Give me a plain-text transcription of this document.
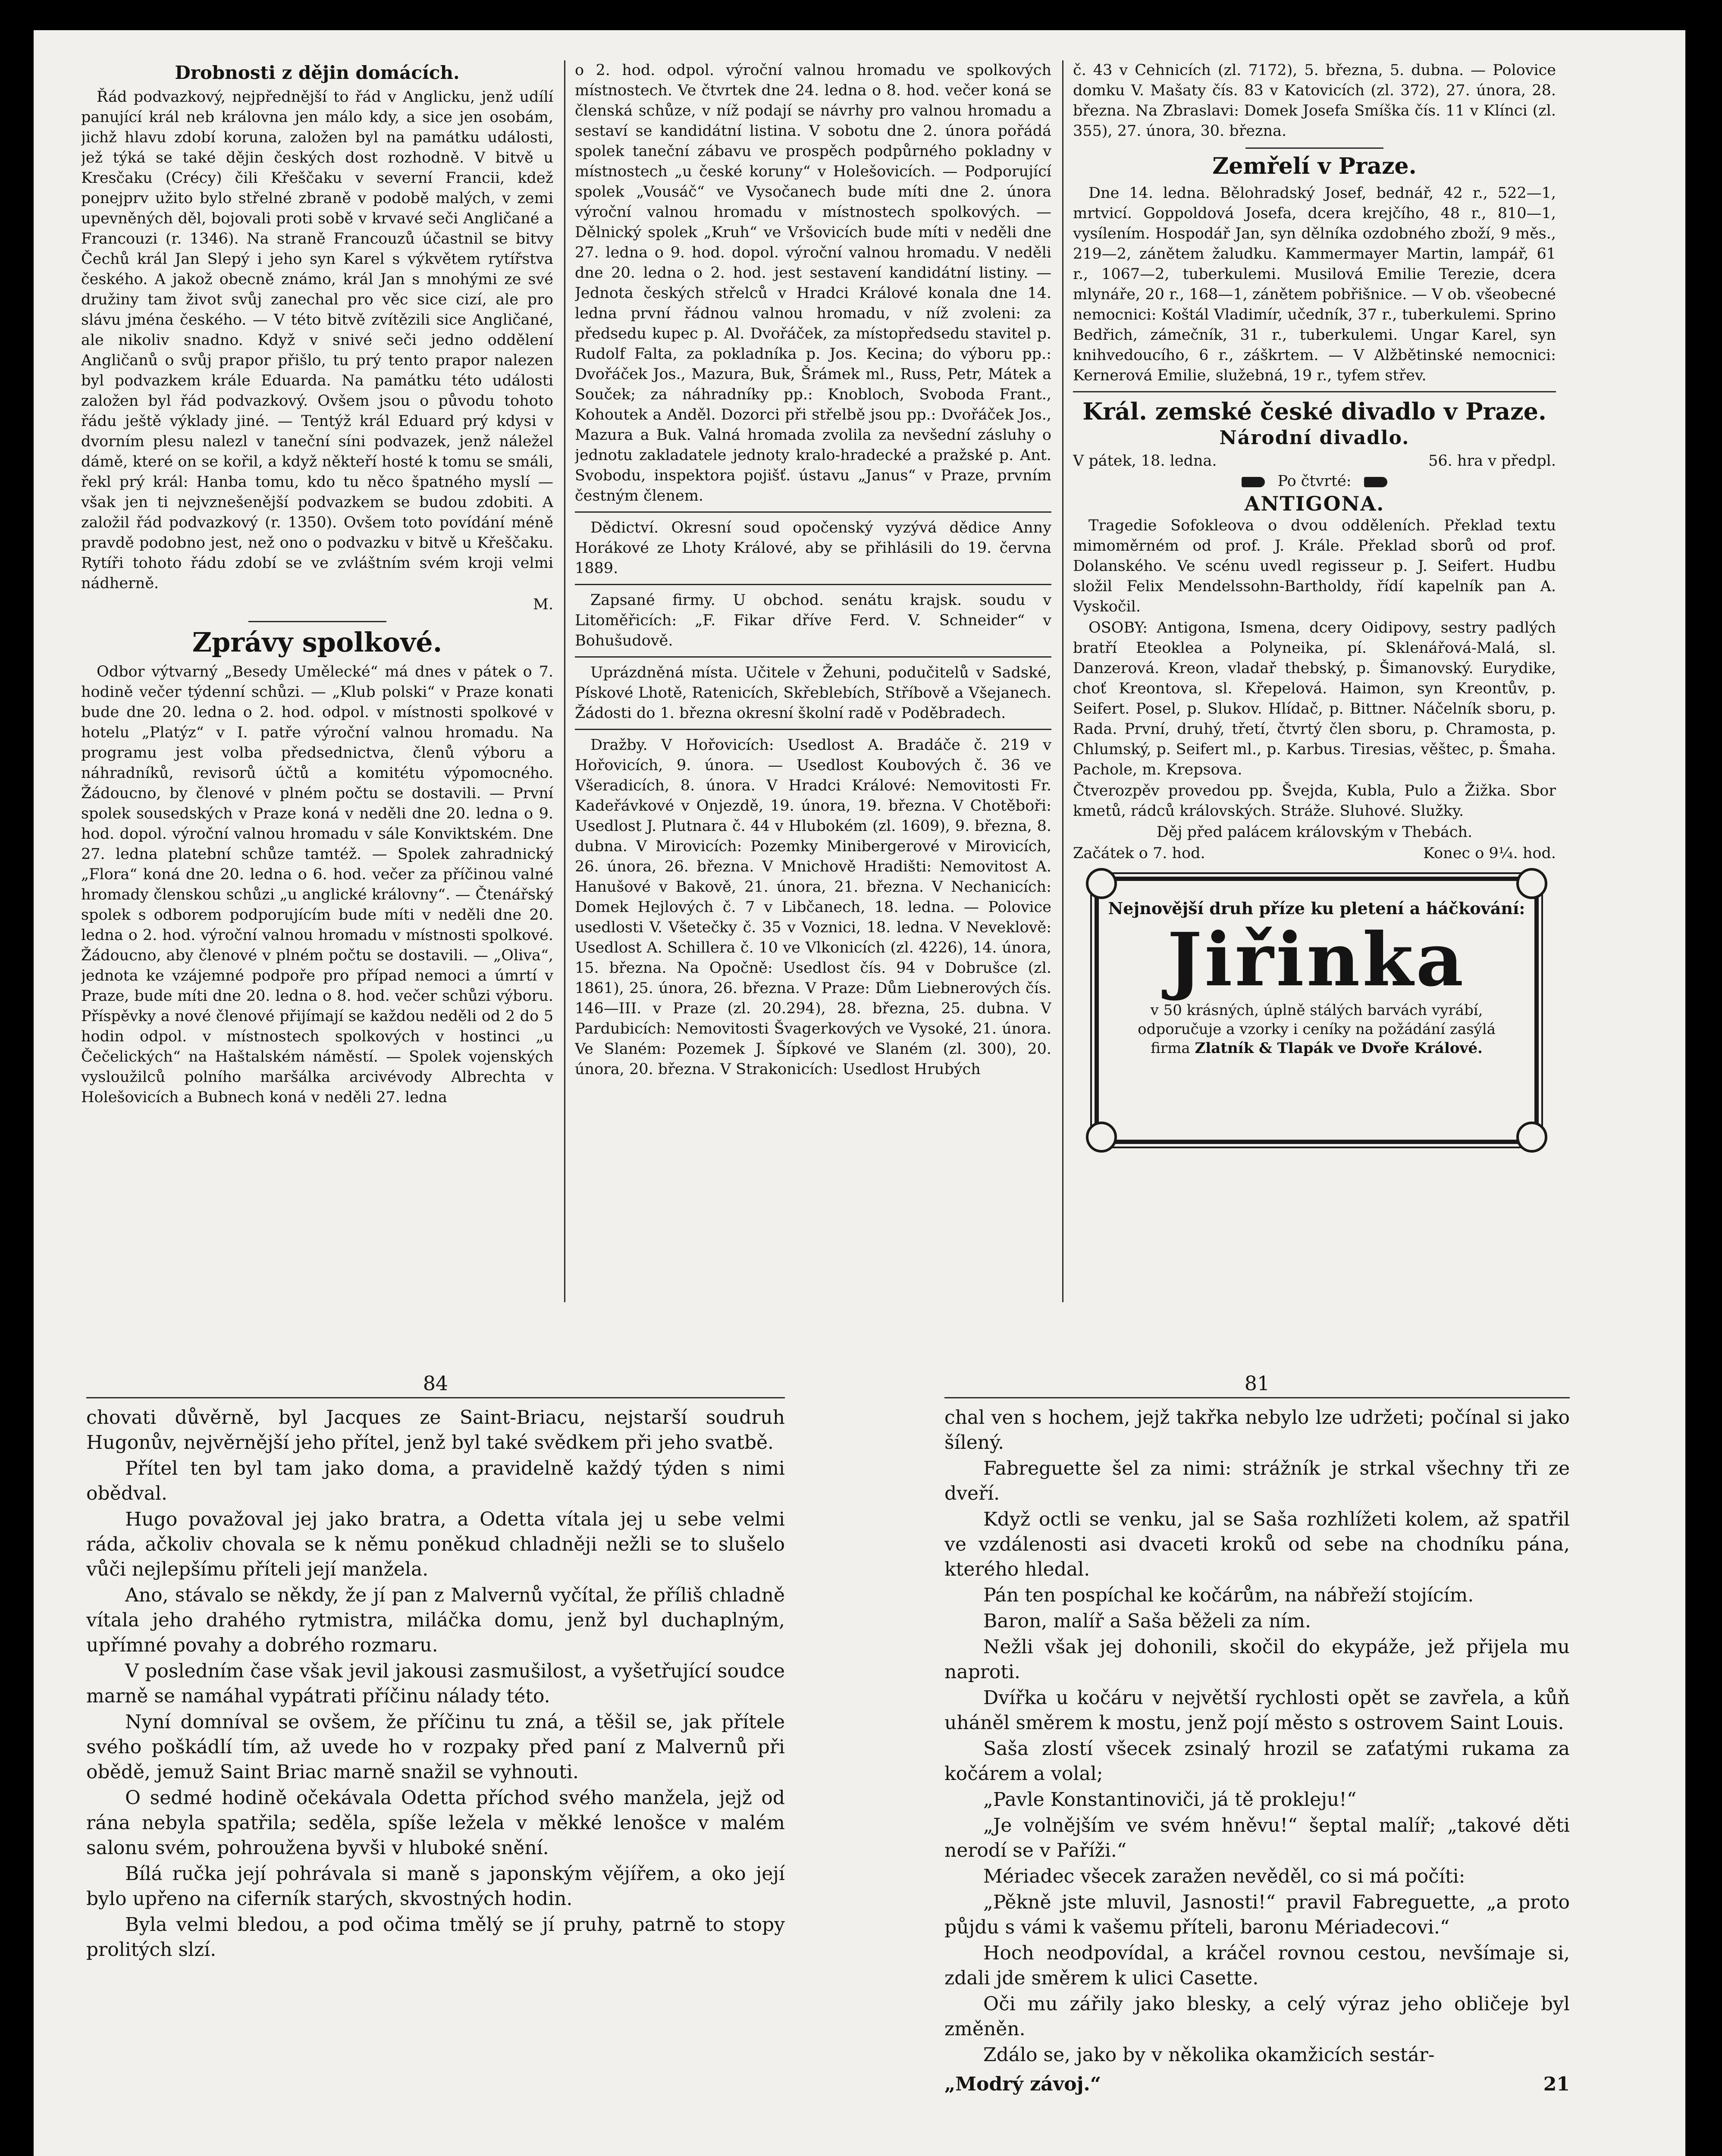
Drobnosti z dějin domácích.

Řád podvazkový, nejpřednější to řád v Anglicku, jenž udílí panující král neb královna jen málo kdy, a sice jen osobám, jichž hlavu zdobí koruna, založen byl na památku události, jež týká se také dějin českých dost rozhodně. V bitvě u Kresčaku (Crécy) čili Křeščaku v severní Francii, kdež ponejprv užito bylo střelné zbraně v podobě malých, v zemi upevněných děl, bojovali proti sobě v krvavé seči Angličané a Francouzi (r. 1346). Na straně Francouzů účastnil se bitvy Čechů král Jan Slepý i jeho syn Karel s výkvětem rytířstva českého. A jakož obecně známo, král Jan s mnohými ze své družiny tam život svůj zanechal pro věc sice cizí, ale pro slávu jména českého. — V této bitvě zvítězili sice Angličané, ale nikoliv snadno. Když v snivé seči jedno oddělení Angličanů o svůj prapor přišlo, tu prý tento prapor nalezen byl podvazkem krále Eduarda. Na památku této události založen byl řád podvazkový. Ovšem jsou o původu tohoto řádu ještě výklady jiné. — Tentýž král Eduard prý kdysi v dvorním plesu nalezl v taneční síni podvazek, jenž náležel dámě, které on se kořil, a když někteří hosté k tomu se smáli, řekl prý král: Hanba tomu, kdo tu něco špatného myslí — však jen ti nejvznešenější podvazkem se budou zdobiti. A založil řád podvazkový (r. 1350). Ovšem toto povídání méně pravdě podobno jest, než ono o podvazku v bitvě u Křeščaku. Rytíři tohoto řádu zdobí se ve zvláštním svém kroji velmi nádherně.

M.

Zprávy spolkové.

Odbor výtvarný „Besedy Umělecké“ má dnes v pátek o 7. hodině večer týdenní schůzi. — „Klub polski“ v Praze konati bude dne 20. ledna o 2. hod. odpol. v místnosti spolkové v hotelu „Platýz“ v I. patře výroční valnou hromadu. Na programu jest volba předsednictva, členů výboru a náhradníků, revisorů účtů a komitétu výpomocného. Žádoucno, by členové v plném počtu se dostavili. — První spolek sousedských v Praze koná v neděli dne 20. ledna o 9. hod. dopol. výroční valnou hromadu v sále Konviktském. Dne 27. ledna platební schůze tamtéž. — Spolek zahradnický „Flora“ koná dne 20. ledna o 6. hod. večer za příčinou valné hromady členskou schůzi „u anglické královny“. — Čtenářský spolek s odborem podporujícím bude míti v neděli dne 20. ledna o 2. hod. výroční valnou hromadu v místnosti spolkové. Žádoucno, aby členové v plném počtu se dostavili. — „Oliva“, jednota ke vzájemné podpoře pro případ nemoci a úmrtí v Praze, bude míti dne 20. ledna o 8. hod. večer schůzi výboru. Příspěvky a nové členové přijímají se každou neděli od 2 do 5 hodin odpol. v místnostech spolkových v hostinci „u Čečelických“ na Haštalském náměstí. — Spolek vojenských vysloužilců polního maršálka arcivévody Albrechta v Holešovicích a Bubnech koná v neděli 27. ledna

o 2. hod. odpol. výroční valnou hromadu ve spolkových místnostech. Ve čtvrtek dne 24. ledna o 8. hod. večer koná se členská schůze, v níž podají se návrhy pro valnou hromadu a sestaví se kandidátní listina. V sobotu dne 2. února pořádá spolek taneční zábavu ve prospěch podpůrného pokladny v místnostech „u české koruny“ v Holešovicích. — Podporující spolek „Vousáč“ ve Vysočanech bude míti dne 2. února výroční valnou hromadu v místnostech spolkových. — Dělnický spolek „Kruh“ ve Vršovicích bude míti v neděli dne 27. ledna o 9. hod. dopol. výroční valnou hromadu. V neděli dne 20. ledna o 2. hod. jest sestavení kandidátní listiny. — Jednota českých střelců v Hradci Králové konala dne 14. ledna první řádnou valnou hromadu, v níž zvoleni: za předsedu kupec p. Al. Dvořáček, za místopředsedu stavitel p. Rudolf Falta, za pokladníka p. Jos. Kecina; do výboru pp.: Dvořáček Jos., Mazura, Buk, Šrámek ml., Russ, Petr, Mátek a Souček; za náhradníky pp.: Knobloch, Svoboda Frant., Kohoutek a Anděl. Dozorci při střelbě jsou pp.: Dvořáček Jos., Mazura a Buk. Valná hromada zvolila za nevšední zásluhy o jednotu zakladatele jednoty kralo-hradecké a pražské p. Ant. Svobodu, inspektora pojišť. ústavu „Janus“ v Praze, prvním čestným členem.

Dědictví. Okresní soud opočenský vyzývá dědice Anny Horákové ze Lhoty Králové, aby se přihlásili do 19. června 1889.

Zapsané firmy. U obchod. senátu krajsk. soudu v Litoměřicích: „F. Fikar dříve Ferd. V. Schneider“ v Bohušudově.

Uprázdněná místa. Učitele v Žehuni, podučitelů v Sadské, Pískové Lhotě, Ratenicích, Skřeblebích, Stříbově a Všejanech. Žádosti do 1. března okresní školní radě v Poděbradech.

Dražby. V Hořovicích: Usedlost A. Bradáče č. 219 v Hořovicích, 9. února. — Usedlost Koubových č. 36 ve Všeradicích, 8. února. V Hradci Králové: Nemovitosti Fr. Kadeřávkové v Onjezdě, 19. února, 19. března. V Chotěboři: Usedlost J. Plutnara č. 44 v Hlubokém (zl. 1609), 9. března, 8. dubna. V Mirovicích: Pozemky Minibergerové v Mirovicích, 26. února, 26. března. V Mnichově Hradišti: Nemovitost A. Hanušové v Bakově, 21. února, 21. března. V Nechanicích: Domek Hejlových č. 7 v Libčanech, 18. ledna. — Polovice usedlosti V. Všetečky č. 35 v Voznici, 18. ledna. V Neveklově: Usedlost A. Schillera č. 10 ve Vlkonicích (zl. 4226), 14. února, 15. března. Na Opočně: Usedlost čís. 94 v Dobrušce (zl. 1861), 25. února, 26. března. V Praze: Dům Liebnerových čís. 146—III. v Praze (zl. 20.294), 28. března, 25. dubna. V Pardubicích: Nemovitosti Švagerkových ve Vysoké, 21. února. Ve Slaném: Pozemek J. Šípkové ve Slaném (zl. 300), 20. února, 20. března. V Strakonicích: Usedlost Hrubých

č. 43 v Cehnicích (zl. 7172), 5. března, 5. dubna. — Polovice domku V. Mašaty čís. 83 v Katovicích (zl. 372), 27. února, 28. března. Na Zbraslavi: Domek Josefa Smíška čís. 11 v Klínci (zl. 355), 27. února, 30. března.

Zemřelí v Praze.

Dne 14. ledna. Bělohradský Josef, bednář, 42 r., 522—1, mrtvicí. Goppoldová Josefa, dcera krejčího, 48 r., 810—1, vysílením. Hospodář Jan, syn dělníka ozdobného zboží, 9 měs., 219—2, zánětem žaludku. Kammermayer Martin, lampář, 61 r., 1067—2, tuberkulemi. Musilová Emilie Terezie, dcera mlynáře, 20 r., 168—1, zánětem pobřišnice. — V ob. všeobecné nemocnici: Koštál Vladimír, učedník, 37 r., tuberkulemi. Sprino Bedřich, zámečník, 31 r., tuberkulemi. Ungar Karel, syn knihvedoucího, 6 r., záškrtem. — V Alžbětinské nemocnici: Kernerová Emilie, služebná, 19 r., tyfem střev.

Král. zemské české divadlo v Praze.
Národní divadlo.
V pátek, 18. ledna.	56. hra v předpl.
Po čtvrté:
ANTIGONA.

Tragedie Sofokleova o dvou odděleních. Překlad textu mimoměrném od prof. J. Krále. Překlad sborů od prof. Dolanského. Ve scénu uvedl regisseur p. J. Seifert. Hudbu složil Felix Mendelssohn-Bartholdy, řídí kapelník pan A. Vyskočil.

OSOBY: Antigona, Ismena, dcery Oidipovy, sestry padlých bratří Eteoklea a Polyneika, pí. Sklenářová-Malá, sl. Danzerová. Kreon, vladař thebský, p. Šimanovský. Eurydike, choť Kreontova, sl. Křepelová. Haimon, syn Kreontův, p. Seifert. Posel, p. Slukov. Hlídač, p. Bittner. Náčelník sboru, p. Rada. První, druhý, třetí, čtvrtý člen sboru, p. Chramosta, p. Chlumský, p. Seifert ml., p. Karbus. Tiresias, věštec, p. Šmaha. Pachole, m. Krepsova.

Čtverozpěv provedou pp. Švejda, Kubla, Pulo a Žižka. Sbor kmetů, rádců královských. Stráže. Sluhové. Služky.

Děj před palácem královským v Thebách.

Začátek o 7. hod.	Konec o 9¼. hod.
Nejnovější druh příze ku pletení a háčkování:
Jiřinka
v 50 krásných, úplně stálých barvách vyrábí, odporučuje a vzorky i ceníky na požádání zasýlá firma Zlatník & Tlapák ve Dvoře Králové.
84

chovati důvěrně, byl Jacques ze Saint-Briacu, nejstarší soudruh Hugonův, nejvěrnější jeho přítel, jenž byl také svědkem při jeho svatbě.

Přítel ten byl tam jako doma, a pravidelně každý týden s nimi obědval.

Hugo považoval jej jako bratra, a Odetta vítala jej u sebe velmi ráda, ačkoliv chovala se k němu poněkud chladněji nežli se to slušelo vůči nejlepšímu příteli její manžela.

Ano, stávalo se někdy, že jí pan z Malvernů vyčítal, že příliš chladně vítala jeho drahého rytmistra, miláčka domu, jenž byl duchaplným, upřímné povahy a dobrého rozmaru.

V posledním čase však jevil jakousi zasmušilost, a vyšetřující soudce marně se namáhal vypátrati příčinu nálady této.

Nyní domníval se ovšem, že příčinu tu zná, a těšil se, jak přítele svého poškádlí tím, až uvede ho v rozpaky před paní z Malvernů při obědě, jemuž Saint Briac marně snažil se vyhnouti.

O sedmé hodině očekávala Odetta příchod svého manžela, jejž od rána nebyla spatřila; seděla, spíše ležela v měkké lenošce v malém salonu svém, pohroužena byvši v hluboké snění.

Bílá ručka její pohrávala si maně s japonským vějířem, a oko její bylo upřeno na ciferník starých, skvostných hodin.

Byla velmi bledou, a pod očima tmělý se jí pruhy, patrně to stopy prolitých slzí.

81

chal ven s hochem, jejž takřka nebylo lze udržeti; počínal si jako šílený.

Fabreguette šel za nimi: strážník je strkal všechny tři ze dveří.

Když octli se venku, jal se Saša rozhlížeti kolem, až spatřil ve vzdálenosti asi dvaceti kroků od sebe na chodníku pána, kterého hledal.

Pán ten pospíchal ke kočárům, na nábřeží stojícím.

Baron, malíř a Saša běželi za ním.

Nežli však jej dohonili, skočil do ekypáže, jež přijela mu naproti.

Dvířka u kočáru v největší rychlosti opět se zavřela, a kůň uháněl směrem k mostu, jenž pojí město s ostrovem Saint Louis.

Saša zlostí všecek zsinalý hrozil se zaťatými rukama za kočárem a volal;

„Pavle Konstantinoviči, já tě prokleju!“

„Je volnějším ve svém hněvu!“ šeptal malíř; „takové děti nerodí se v Paříži.“

Mériadec všecek zaražen nevěděl, co si má počíti:

„Pěkně jste mluvil, Jasnosti!“ pravil Fabreguette, „a proto půjdu s vámi k vašemu příteli, baronu Mériadecovi.“

Hoch neodpovídal, a kráčel rovnou cestou, nevšímaje si, zdali jde směrem k ulici Casette.

Oči mu zářily jako blesky, a celý výraz jeho obličeje byl změněn.

Zdálo se, jako by v několika okamžicích sestár-

„Modrý závoj.“	21
